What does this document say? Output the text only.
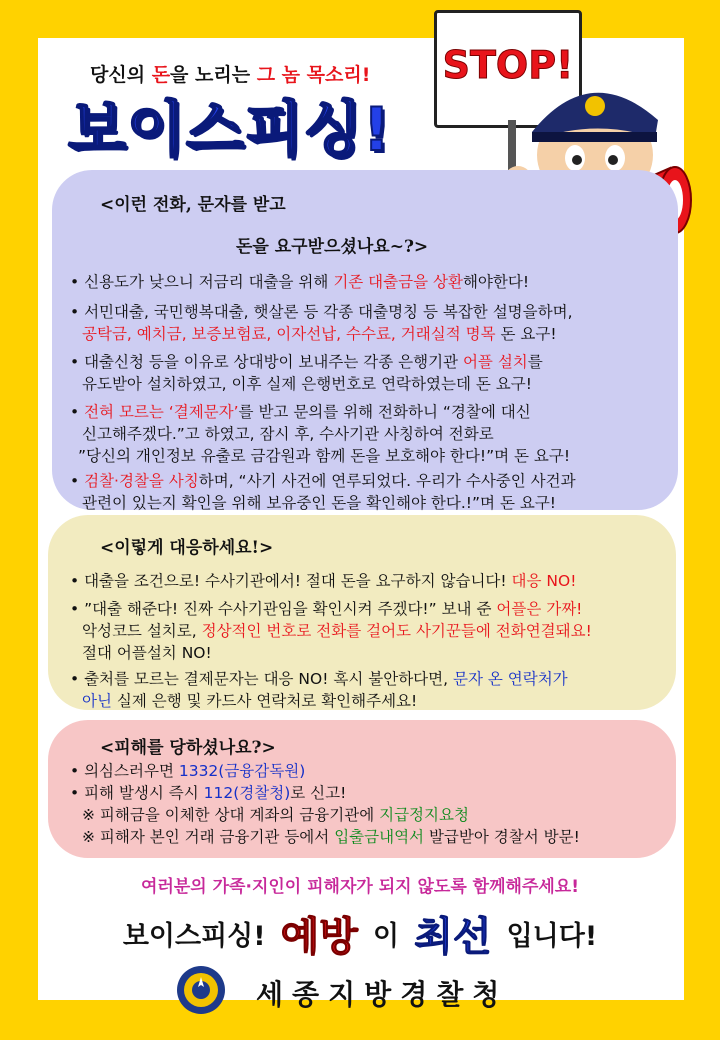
당신의 돈을 노리는 그 놈 목소리!
보이스피싱!
STOP!
<이런 전화, 문자를 받고
돈을 요구받으셨나요~?>
• 신용도가 낮으니 저금리 대출을 위해 기존 대출금을 상환해야한다!
• 서민대출, 국민행복대출, 햇살론 등 각종 대출명칭 등 복잡한 설명을하며,
공탁금, 예치금, 보증보험료, 이자선납, 수수료, 거래실적 명목 돈 요구!
• 대출신청 등을 이유로 상대방이 보내주는 각종 은행기관 어플 설치를
유도받아 설치하였고, 이후 실제 은행번호로 연락하였는데 돈 요구!
• 전혀 모르는 ‘결제문자’를 받고 문의를 위해 전화하니 “경찰에 대신
신고해주겠다.”고 하였고, 잠시 후, 수사기관 사칭하여 전화로
”당신의 개인정보 유출로 금감원과 함께 돈을 보호해야 한다!”며 돈 요구!
• 검찰·경찰을 사칭하며, “사기 사건에 연루되었다. 우리가 수사중인 사건과
관련이 있는지 확인을 위해 보유중인 돈을 확인해야 한다.!”며 돈 요구!
<이렇게 대응하세요!>
• 대출을 조건으로! 수사기관에서! 절대 돈을 요구하지 않습니다! 대응 NO!
• ”대출 해준다! 진짜 수사기관임을 확인시켜 주겠다!” 보내 준 어플은 가짜!
악성코드 설치로, 정상적인 번호로 전화를 걸어도 사기꾼들에 전화연결돼요!
절대 어플설치 NO!
• 출처를 모르는 결제문자는 대응 NO! 혹시 불안하다면, 문자 온 연락처가
아닌 실제 은행 및 카드사 연락처로 확인해주세요!
<피해를 당하셨나요?>
• 의심스러우면 1332(금융감독원)
• 피해 발생시 즉시 112(경찰청)로 신고!
※ 피해금을 이체한 상대 계좌의 금융기관에 지급정지요청
※ 피해자 본인 거래 금융기관 등에서 입출금내역서 발급받아 경찰서 방문!
여러분의 가족·지인이 피해자가 되지 않도록 함께해주세요!
보이스피싱! 예방 이 최선 입니다!
세종지방경찰청
